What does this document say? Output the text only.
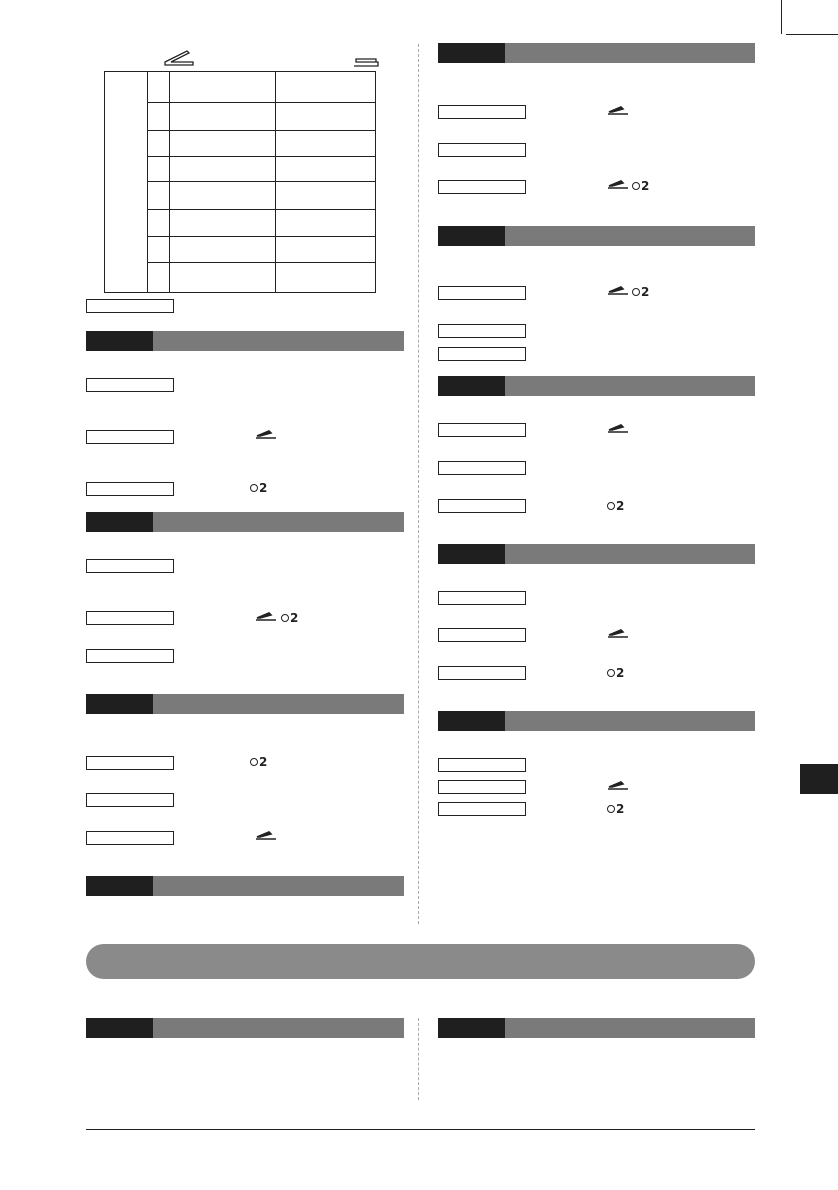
2
2
2
2
2
2
2
2
